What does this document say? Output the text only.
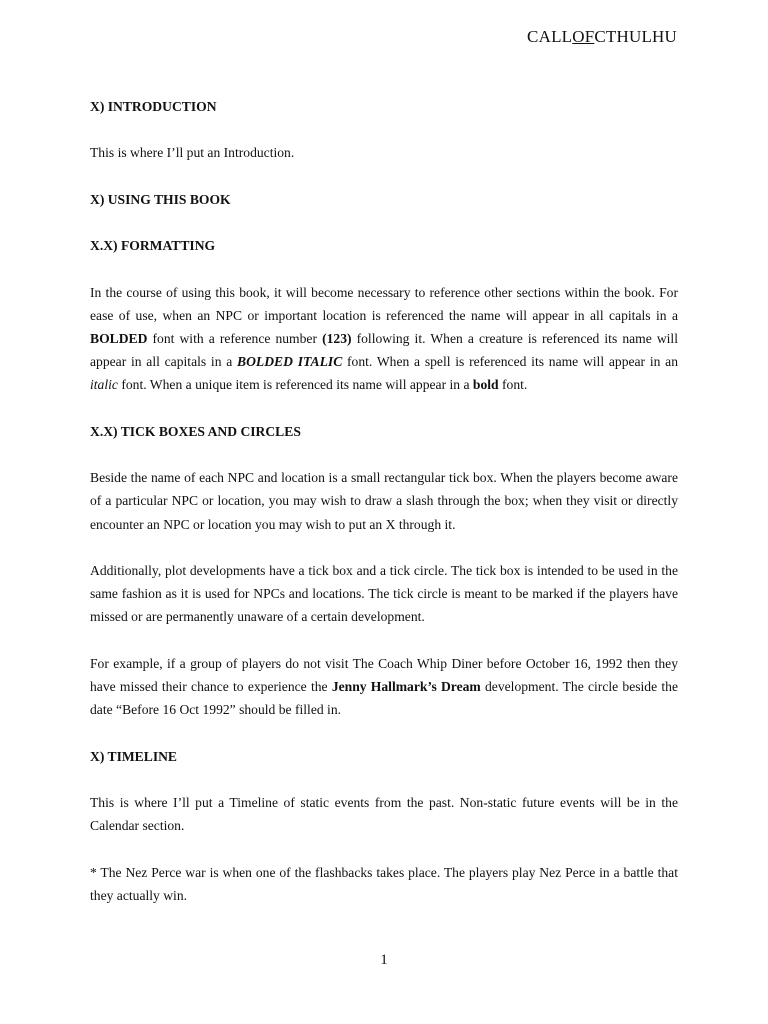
CALLOFCTHULHU
X) INTRODUCTION

This is where I’ll put an Introduction.

X) USING THIS BOOK
X.X) FORMATTING

In the course of using this book, it will become necessary to reference other sections within the book. For ease of use, when an NPC or important location is referenced the name will appear in all capitals in a BOLDED font with a reference number (123) following it. When a creature is referenced its name will appear in all capitals in a BOLDED ITALIC font. When a spell is referenced its name will appear in an italic font. When a unique item is referenced its name will appear in a bold font.

X.X) TICK BOXES AND CIRCLES

Beside the name of each NPC and location is a small rectangular tick box. When the players become aware of a particular NPC or location, you may wish to draw a slash through the box; when they visit or directly encounter an NPC or location you may wish to put an X through it.

Additionally, plot developments have a tick box and a tick circle. The tick box is intended to be used in the same fashion as it is used for NPCs and locations. The tick circle is meant to be marked if the players have missed or are permanently unaware of a certain development.

For example, if a group of players do not visit The Coach Whip Diner before October 16, 1992 then they have missed their chance to experience the Jenny Hallmark’s Dream development. The circle beside the date “Before 16 Oct 1992” should be filled in.

X) TIMELINE

This is where I’ll put a Timeline of static events from the past. Non-static future events will be in the Calendar section.

* The Nez Perce war is when one of the flashbacks takes place. The players play Nez Perce in a battle that they actually win.

1
